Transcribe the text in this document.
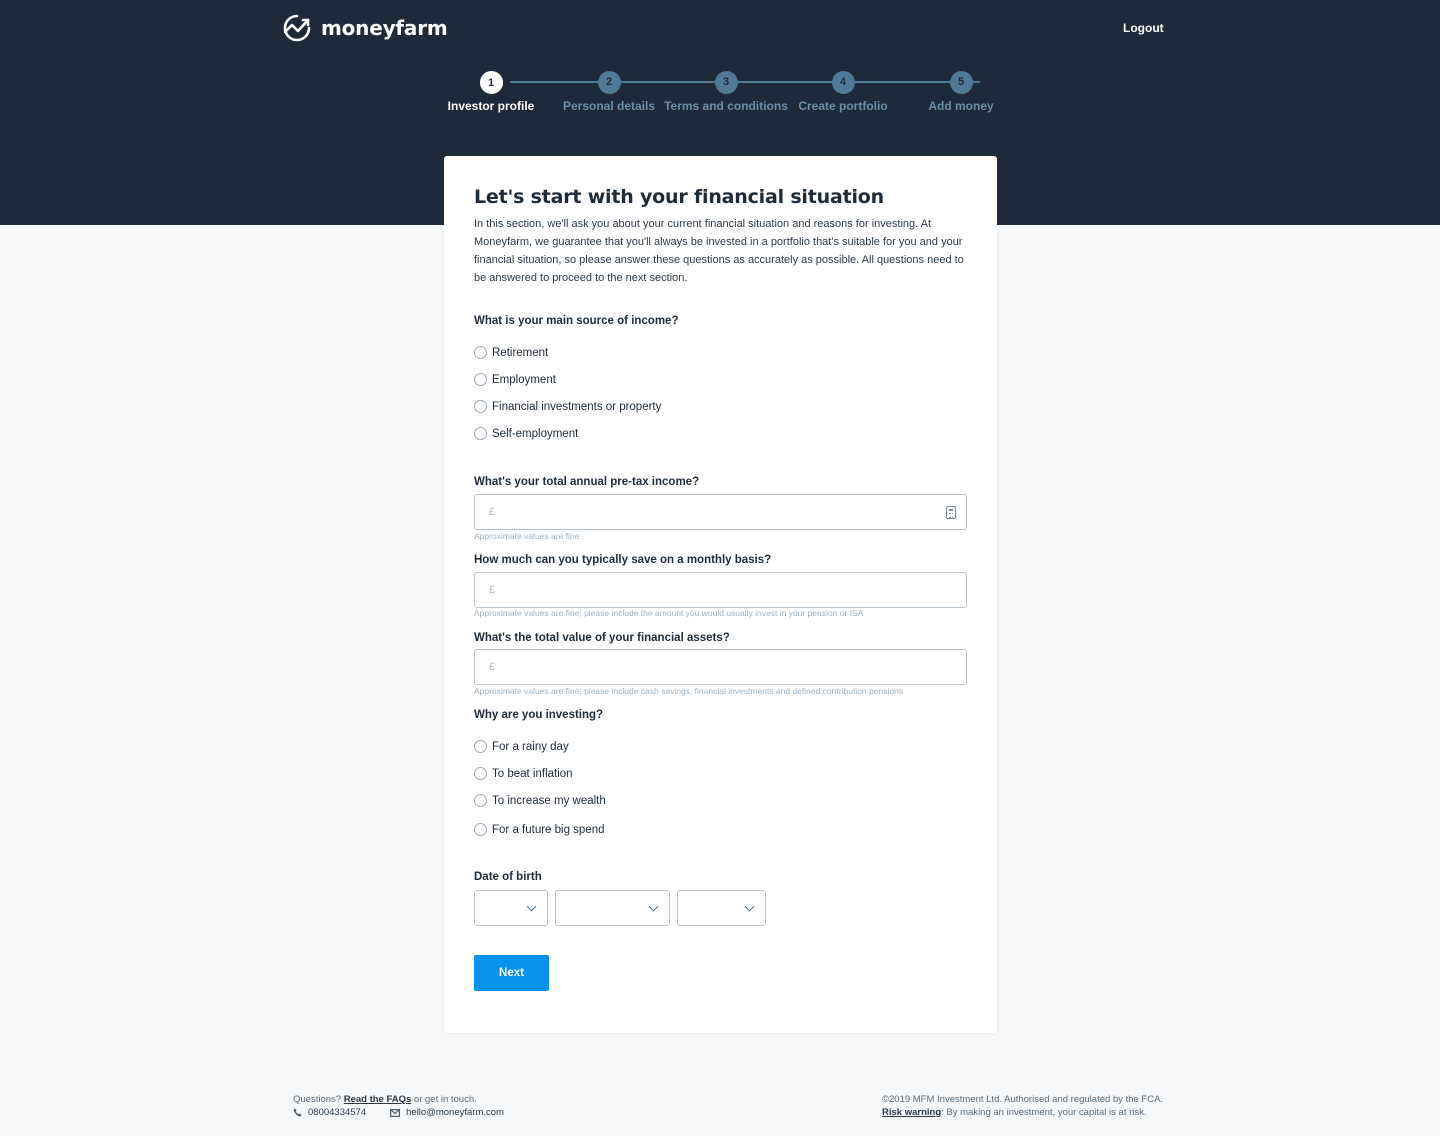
moneyfarm	Logout
1
Investor profile
2
Personal details
3
Terms and conditions
4
Create portfolio
5
Add money
Let's start with your financial situation

In this section, we'll ask you about your current financial situation and reasons for investing. At Moneyfarm, we guarantee that you'll always be invested in a portfolio that's suitable for you and your financial situation, so please answer these questions as accurately as possible. All questions need to be answered to proceed to the next section.

What is your main source of income?
Retirement
Employment
Financial investments or property
Self-employment
What's your total annual pre-tax income?
£
Approximate values are fine
How much can you typically save on a monthly basis?
£
Approximate values are fine; please include the amount you would usually invest in your pension or ISA
What's the total value of your financial assets?
£
Approximate values are fine; please include cash savings, financial investments and defined contribution pensions
Why are you investing?
For a rainy day
To beat inflation
To increase my wealth
For a future big spend
Date of birth
Next
Questions? Read the FAQs or get in touch.
08004334574	hello@moneyfarm.com
©2019 MFM Investment Ltd. Authorised and regulated by the FCA.
Risk warning: By making an investment, your capital is at risk.
